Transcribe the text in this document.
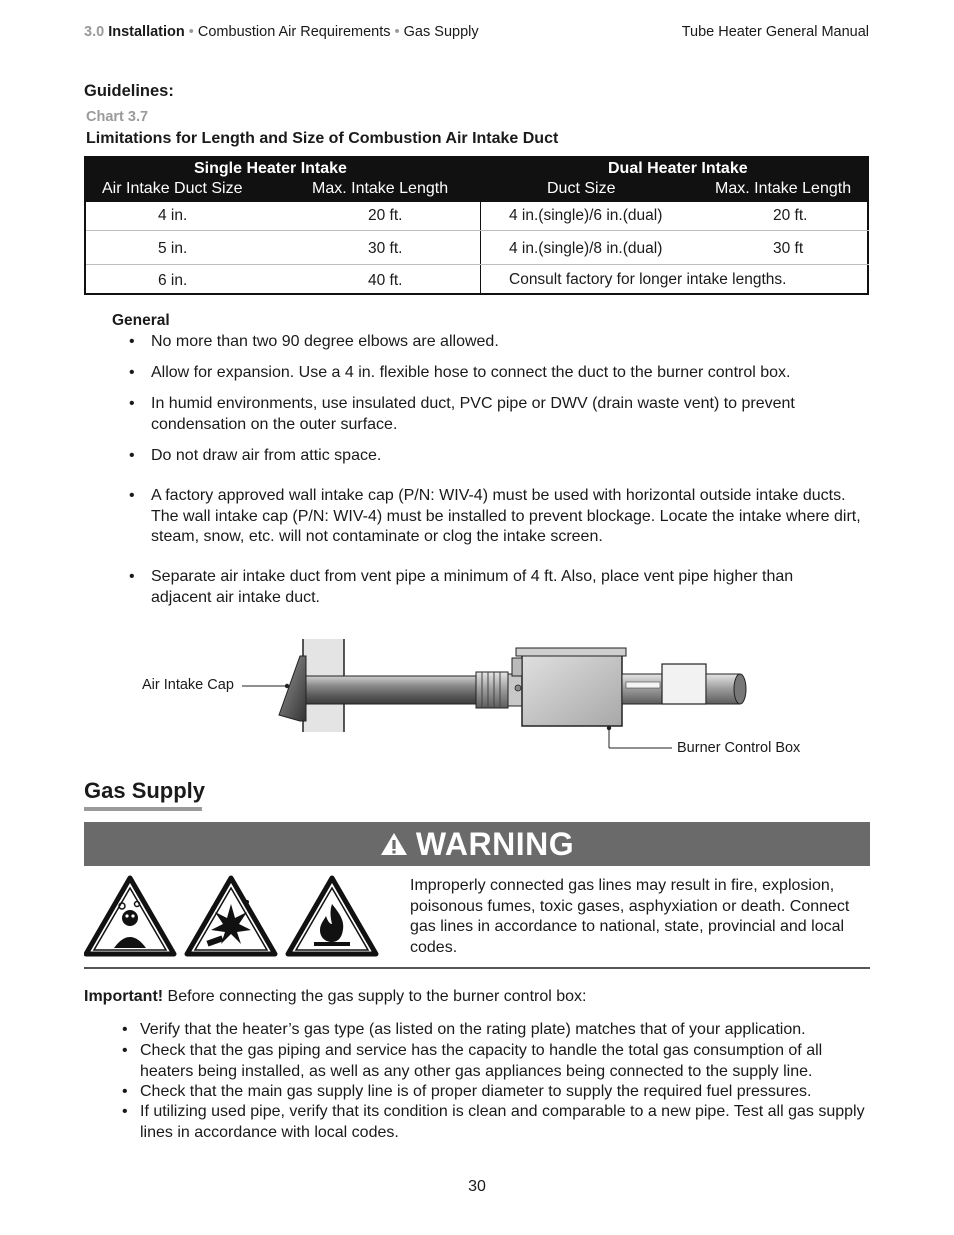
3.0 Installation • Combustion Air Requirements • Gas Supply	Tube Heater General Manual
Guidelines:
Chart 3.7
Limitations for Length and Size of Combustion Air Intake Duct
Single Heater Intake	Dual Heater Intake
Air Intake Duct Size	Max. Intake Length	Duct Size	Max. Intake Length
4 in.	20 ft.	4 in.(single)/6 in.(dual)	20 ft.
5 in.	30 ft.	4 in.(single)/8 in.(dual)	30 ft
6 in.	40 ft.	Consult factory for longer intake lengths.
General
• No more than two 90 degree elbows are allowed.
• Allow for expansion. Use a 4 in. flexible hose to connect the duct to the burner control box.
• In humid environments, use insulated duct, PVC pipe or DWV (drain waste vent) to prevent condensation on the outer surface.
• Do not draw air from attic space.
• A factory approved wall intake cap (P/N: WIV-4) must be used with horizontal outside intake ducts. The wall intake cap (P/N: WIV-4) must be installed to prevent blockage. Locate the intake where dirt, steam, snow, etc. will not contaminate or clog the intake screen.
• Separate air intake duct from vent pipe a minimum of 4 ft. Also, place vent pipe higher than adjacent air intake duct.
Air Intake Cap
Burner Control Box
Gas Supply
WARNING
Improperly connected gas lines may result in fire, explosion, poisonous fumes, toxic gases, asphyxiation or death. Connect gas lines in accordance to national, state, provincial and local codes.
Important! Before connecting the gas supply to the burner control box:
• Verify that the heater’s gas type (as listed on the rating plate) matches that of your application.
• Check that the gas piping and service has the capacity to handle the total gas consumption of all heaters being installed, as well as any other gas appliances being connected to the supply line.
• Check that the main gas supply line is of proper diameter to supply the required fuel pressures.
• If utilizing used pipe, verify that its condition is clean and comparable to a new pipe. Test all gas supply lines in accordance with local codes.
30
